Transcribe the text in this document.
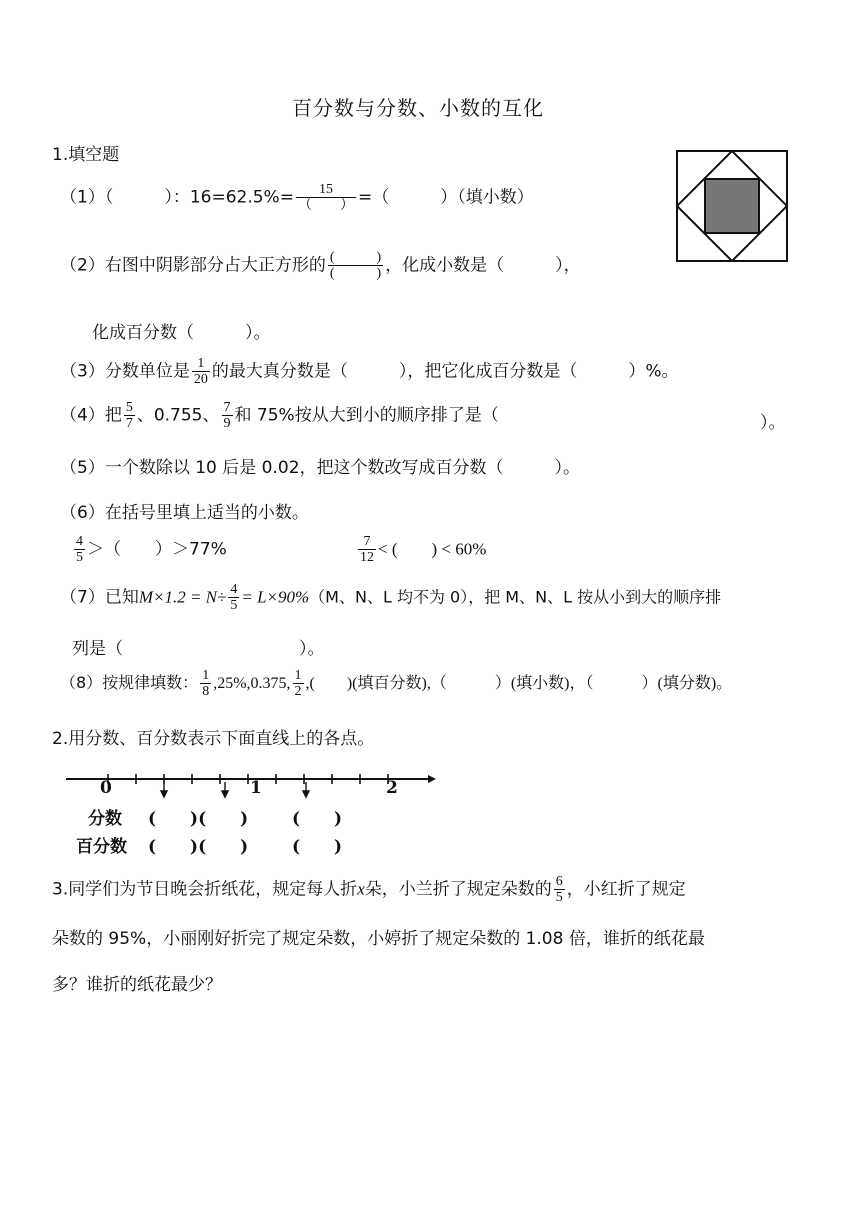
百分数与分数、小数的互化
1.填空题
（1）（　　　）：$16=62.5\%= \frac{15}{( )}$ =（　　　）（填小数）
（2）右图中阴影部分占大正方形的 $\frac{( )}{( )}$ ，化成小数是（　　　），
化成百分数（　　　）。
（3）分数单位是 $\frac{1}{20}$ 的最大真分数是（　　　），把它化成百分数是（　　　）%。
（4）把 $\frac{5}{7}$ 、0.755、 $\frac{7}{9}$ 和 75%按从大到小的顺序排了是（	）。
（5）一个数除以 10 后是 0.02，把这个数改写成百分数（　　　）。
（6）在括号里填上适当的小数。
$\frac{4}{5}$ ＞（　　）＞77%	$\frac{7}{12}$ < (　　) < 60%
（7）已知$M\times 1.2 = N\div \frac{4}{5} = L\times 90\%(M$、N、L 均不为 0），把 M、N、L 按从小到大的顺序排
列是（	）。
（8）按规律填数： $\frac{1}{8} ,25\%,0.375$, $\frac{1}{2}$ ,(　　)(填百分数),（　　　）(填小数)，（　　　）(填分数)。
2.用分数、百分数表示下面直线上的各点。
0	1	2
分数 (　　)(　　)	(　　)
百分数 (　　)(　　)	(　　)
3.同学们为节日晚会折纸花，规定每人折x朵，小兰折了规定朵数的 $\frac{6}{5}$ ，小红折了规定
朵数的 95%，小丽刚好折完了规定朵数，小婷折了规定朵数的 1.08 倍，谁折的纸花最
多？谁折的纸花最少？
